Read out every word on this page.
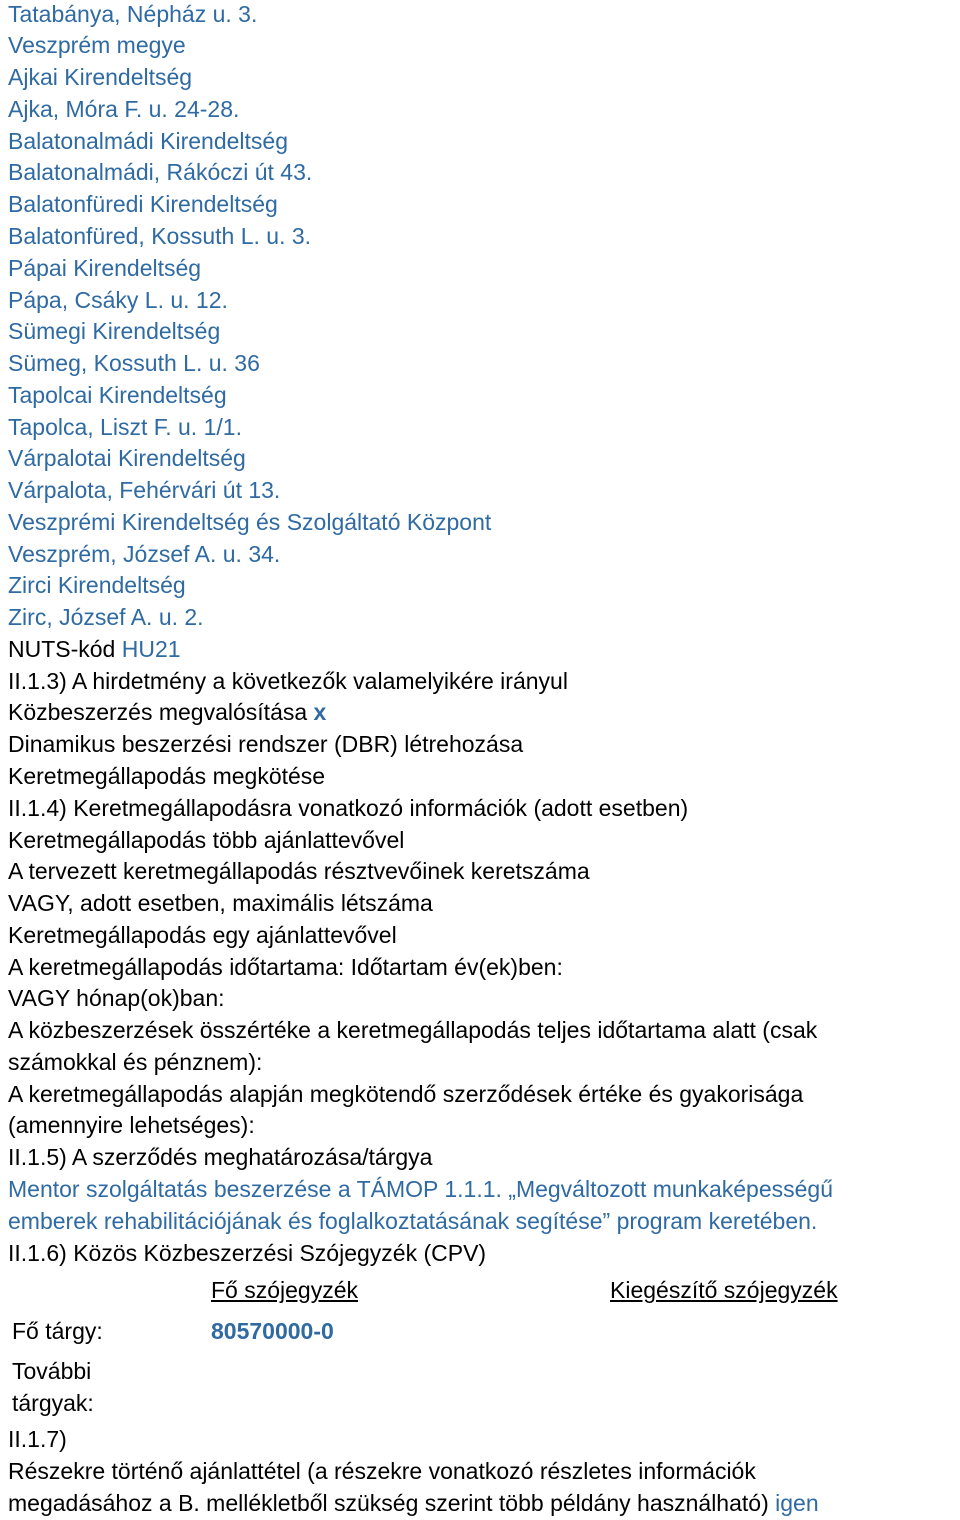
Tatabánya, Népház u. 3.
Veszprém megye
Ajkai Kirendeltség
Ajka, Móra F. u. 24-28.
Balatonalmádi Kirendeltség
Balatonalmádi, Rákóczi út 43.
Balatonfüredi Kirendeltség
Balatonfüred, Kossuth L. u. 3.
Pápai Kirendeltség
Pápa, Csáky L. u. 12.
Sümegi Kirendeltség
Sümeg, Kossuth L. u. 36
Tapolcai Kirendeltség
Tapolca, Liszt F. u. 1/1.
Várpalotai Kirendeltség
Várpalota, Fehérvári út 13.
Veszprémi Kirendeltség és Szolgáltató Központ
Veszprém, József A. u. 34.
Zirci Kirendeltség
Zirc, József A. u. 2.
NUTS-kód HU21
II.1.3) A hirdetmény a következők valamelyikére irányul
Közbeszerzés megvalósítása x
Dinamikus beszerzési rendszer (DBR) létrehozása
Keretmegállapodás megkötése
II.1.4) Keretmegállapodásra vonatkozó információk (adott esetben)
Keretmegállapodás több ajánlattevővel
A tervezett keretmegállapodás résztvevőinek keretszáma
VAGY, adott esetben, maximális létszáma
Keretmegállapodás egy ajánlattevővel
A keretmegállapodás időtartama: Időtartam év(ek)ben:
VAGY hónap(ok)ban:
A közbeszerzések összértéke a keretmegállapodás teljes időtartama alatt (csak
számokkal és pénznem):
A keretmegállapodás alapján megkötendő szerződések értéke és gyakorisága
(amennyire lehetséges):
II.1.5) A szerződés meghatározása/tárgya
Mentor szolgáltatás beszerzése a TÁMOP 1.1.1. „Megváltozott munkaképességű
emberek rehabilitációjának és foglalkoztatásának segítése” program keretében.
II.1.6) Közös Közbeszerzési Szójegyzék (CPV)
Fő szójegyzék	Kiegészítő szójegyzék
Fő tárgy:	80570000-0
További
tárgyak:
II.1.7)
Részekre történő ajánlattétel (a részekre vonatkozó részletes információk
megadásához a B. mellékletből szükség szerint több példány használható) igen
